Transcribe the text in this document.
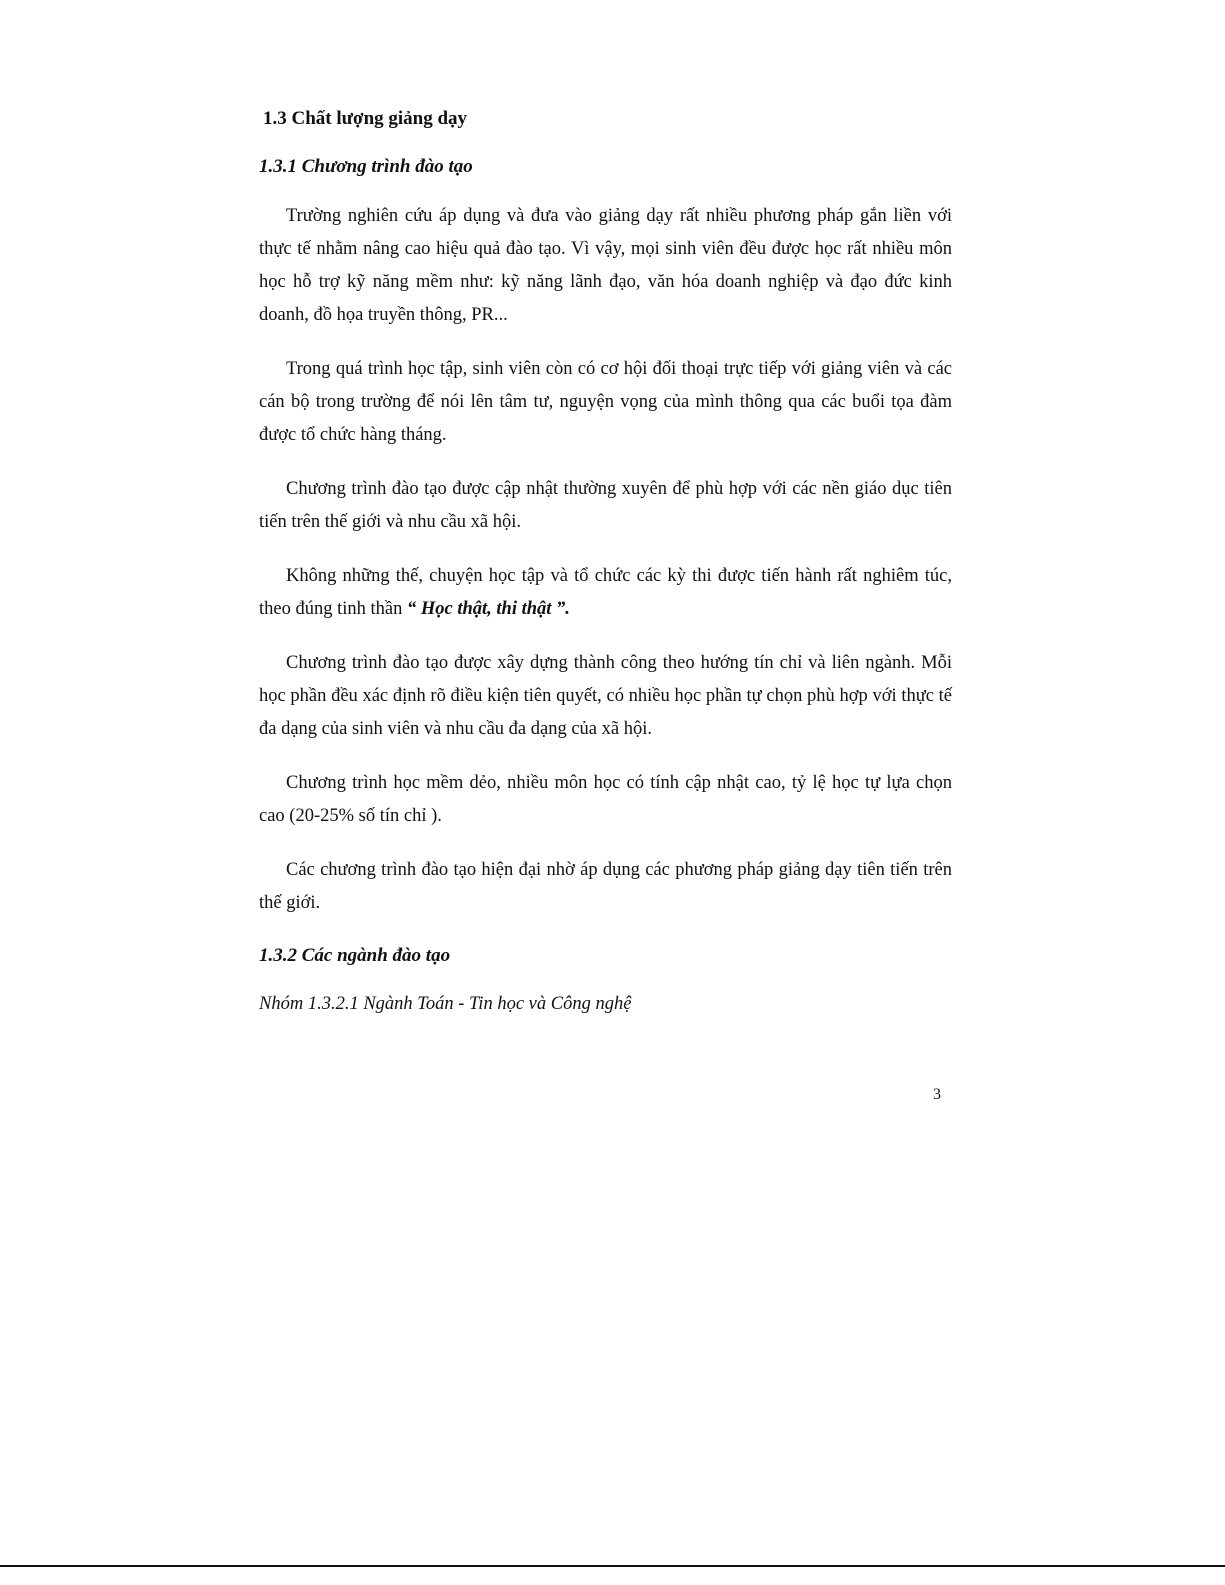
1.3 Chất lượng giảng dạy
1.3.1 Chương trình đào tạo

Trường nghiên cứu áp dụng và đưa vào giảng dạy rất nhiều phương pháp gắn liền với thực tế nhằm nâng cao hiệu quả đào tạo. Vì vậy, mọi sinh viên đều được học rất nhiều môn học hỗ trợ kỹ năng mềm như: kỹ năng lãnh đạo, văn hóa doanh nghiệp và đạo đức kinh doanh, đồ họa truyền thông, PR...

Trong quá trình học tập, sinh viên còn có cơ hội đối thoại trực tiếp với giảng viên và các cán bộ trong trường để nói lên tâm tư, nguyện vọng của mình thông qua các buổi tọa đàm được tổ chức hàng tháng.

Chương trình đào tạo được cập nhật thường xuyên để phù hợp với các nền giáo dục tiên tiến trên thế giới và nhu cầu xã hội.

Không những thế, chuyện học tập và tổ chức các kỳ thi được tiến hành rất nghiêm túc, theo đúng tinh thần “ Học thật, thi thật ”.

Chương trình đào tạo được xây dựng thành công theo hướng tín chỉ và liên ngành. Mỗi học phần đều xác định rõ điều kiện tiên quyết, có nhiều học phần tự chọn phù hợp với thực tế đa dạng của sinh viên và nhu cầu đa dạng của xã hội.

Chương trình học mềm dẻo, nhiều môn học có tính cập nhật cao, tỷ lệ học tự lựa chọn cao (20-25% số tín chỉ ).

Các chương trình đào tạo hiện đại nhờ áp dụng các phương pháp giảng dạy tiên tiến trên thế giới.

1.3.2 Các ngành đào tạo
Nhóm 1.3.2.1 Ngành Toán - Tin học và Công nghệ
3
